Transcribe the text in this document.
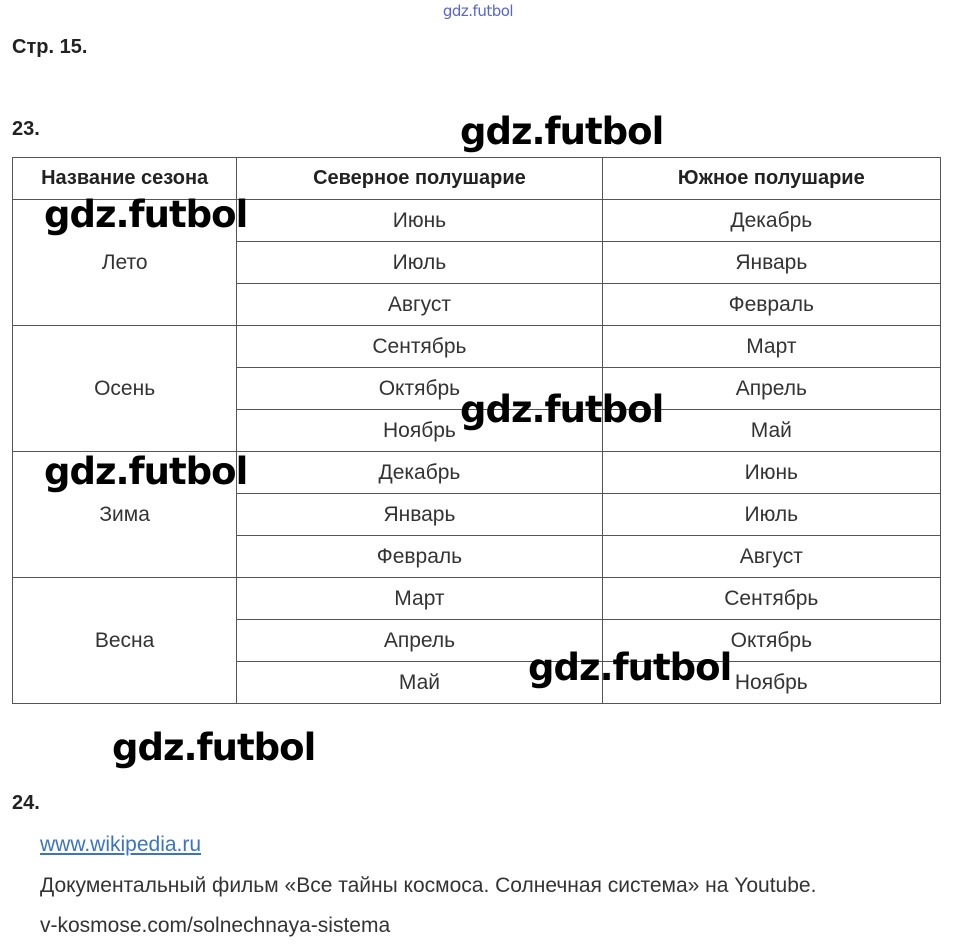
gdz.futbol
Стр. 15.
23.
Название сезона	Северное полушарие	Южное полушарие
Лето	Июнь	Декабрь
	Июль	Январь
	Август	Февраль
Осень	Сентябрь	Март
	Октябрь	Апрель
	Ноябрь	Май
Зима	Декабрь	Июнь
	Январь	Июль
	Февраль	Август
Весна	Март	Сентябрь
	Апрель	Октябрь
	Май	Ноябрь
gdz.futbol
gdz.futbol
gdz.futbol
gdz.futbol
gdz.futbol
gdz.futbol
24.
www.wikipedia.ru
Документальный фильм «Все тайны космоса. Солнечная система» на Youtube.
v-kosmose.com/solnechnaya-sistema
